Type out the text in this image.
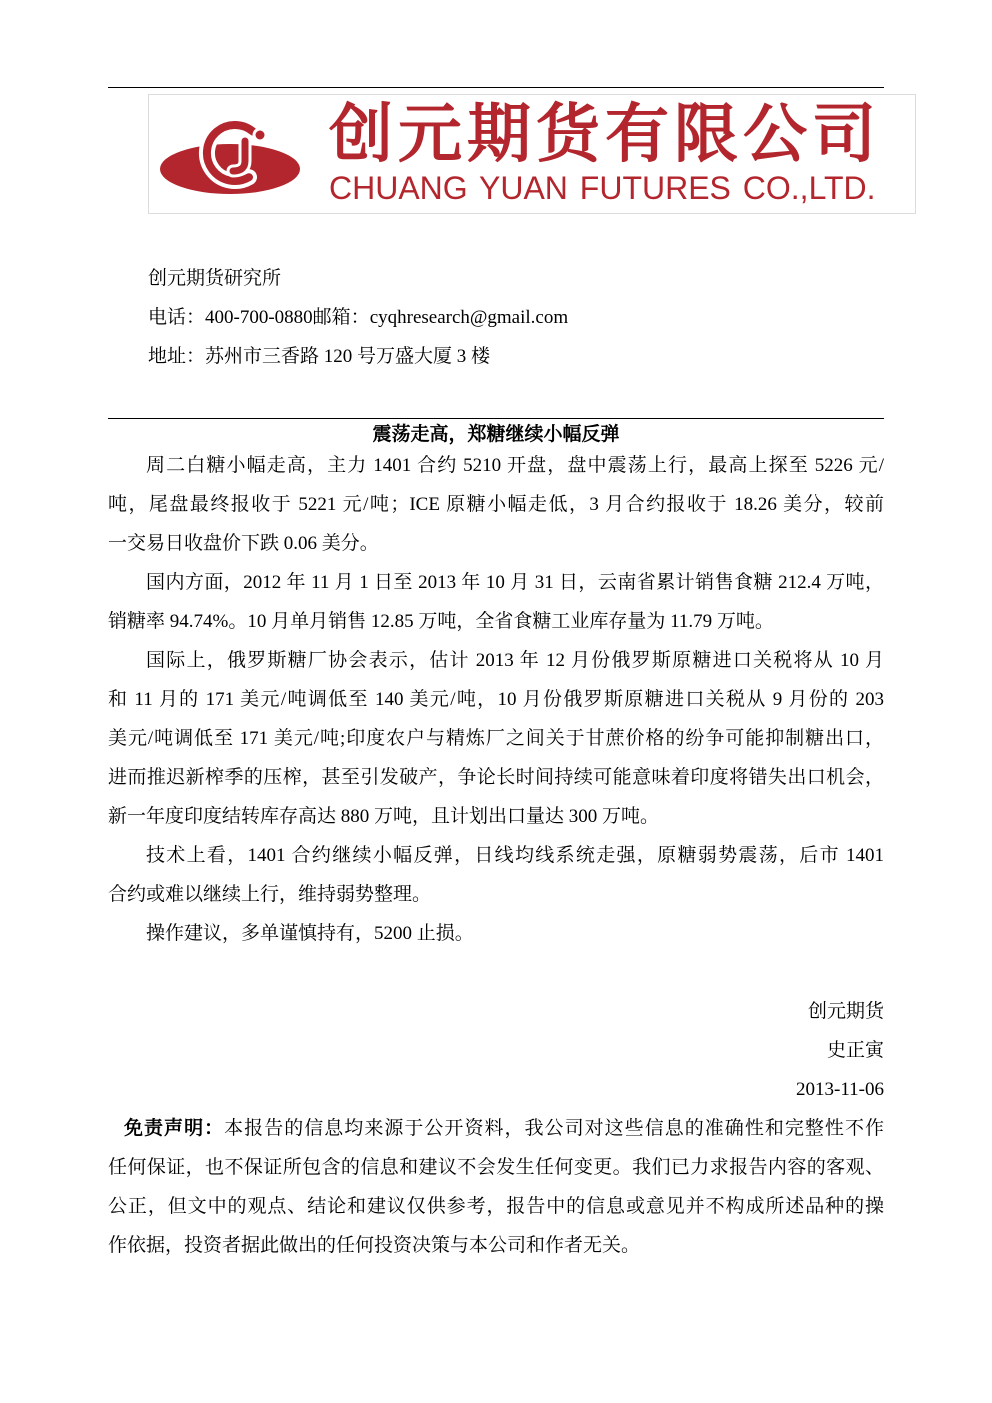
创元期货有限公司
CHUANG YUAN FUTURES CO.,LTD.
创元期货研究所
电话：400-700-0880邮箱：cyqhresearch@gmail.com
地址：苏州市三香路 120 号万盛大厦 3 楼
震荡走高，郑糖继续小幅反弹
周二白糖小幅走高，主力 1401 合约 5210 开盘，盘中震荡上行，最高上探至 5226 元/
吨，尾盘最终报收于 5221 元/吨；ICE 原糖小幅走低，3 月合约报收于 18.26 美分，较前
一交易日收盘价下跌 0.06 美分。
国内方面，2012 年 11 月 1 日至 2013 年 10 月 31 日，云南省累计销售食糖 212.4 万吨，
销糖率 94.74%。10 月单月销售 12.85 万吨，全省食糖工业库存量为 11.79 万吨。
国际上，俄罗斯糖厂协会表示，估计 2013 年 12 月份俄罗斯原糖进口关税将从 10 月
和 11 月的 171 美元/吨调低至 140 美元/吨，10 月份俄罗斯原糖进口关税从 9 月份的 203
美元/吨调低至 171 美元/吨;印度农户与精炼厂之间关于甘蔗价格的纷争可能抑制糖出口，
进而推迟新榨季的压榨，甚至引发破产，争论长时间持续可能意味着印度将错失出口机会，
新一年度印度结转库存高达 880 万吨，且计划出口量达 300 万吨。
技术上看，1401 合约继续小幅反弹，日线均线系统走强，原糖弱势震荡，后市 1401
合约或难以继续上行，维持弱势整理。
操作建议，多单谨慎持有，5200 止损。
创元期货
史正寅
2013-11-06
免责声明：本报告的信息均来源于公开资料，我公司对这些信息的准确性和完整性不作
任何保证，也不保证所包含的信息和建议不会发生任何变更。我们已力求报告内容的客观、
公正，但文中的观点、结论和建议仅供参考，报告中的信息或意见并不构成所述品种的操
作依据，投资者据此做出的任何投资决策与本公司和作者无关。
